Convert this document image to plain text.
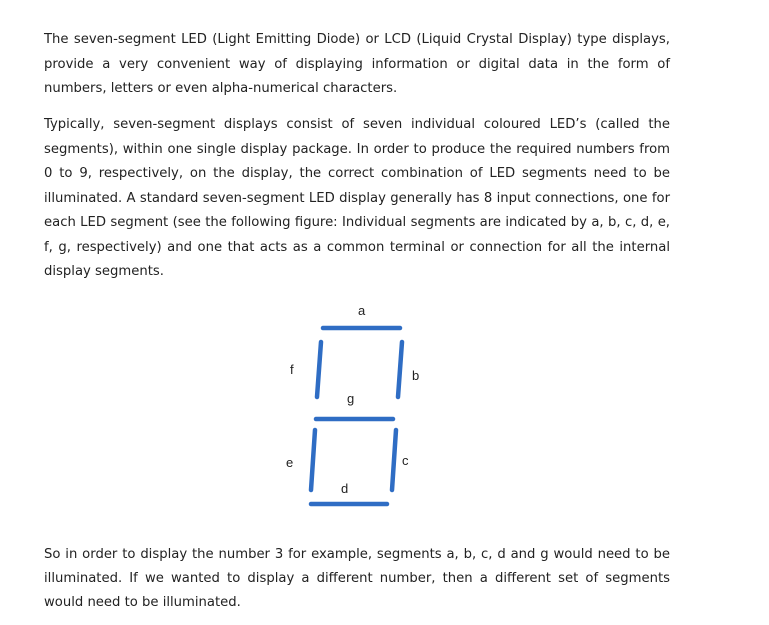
The seven-segment LED (Light Emitting Diode) or LCD (Liquid Crystal Display) type displays, provide a very convenient way of displaying information or digital data in the form of numbers, letters or even alpha-numerical characters.

Typically, seven-segment displays consist of seven individual coloured LED’s (called the segments), within one single display package. In order to produce the required numbers from 0 to 9, respectively, on the display, the correct combination of LED segments need to be illuminated. A standard seven-segment LED display generally has 8 input connections, one for each LED segment (see the following figure: Individual segments are indicated by a, b, c, d, e, f, g, respectively) and one that acts as a common terminal or connection for all the internal display segments.

a
f	b
g
e	c
d

So in order to display the number 3 for example, segments a, b, c, d and g would need to be illuminated. If we wanted to display a different number, then a different set of segments would need to be illuminated.
